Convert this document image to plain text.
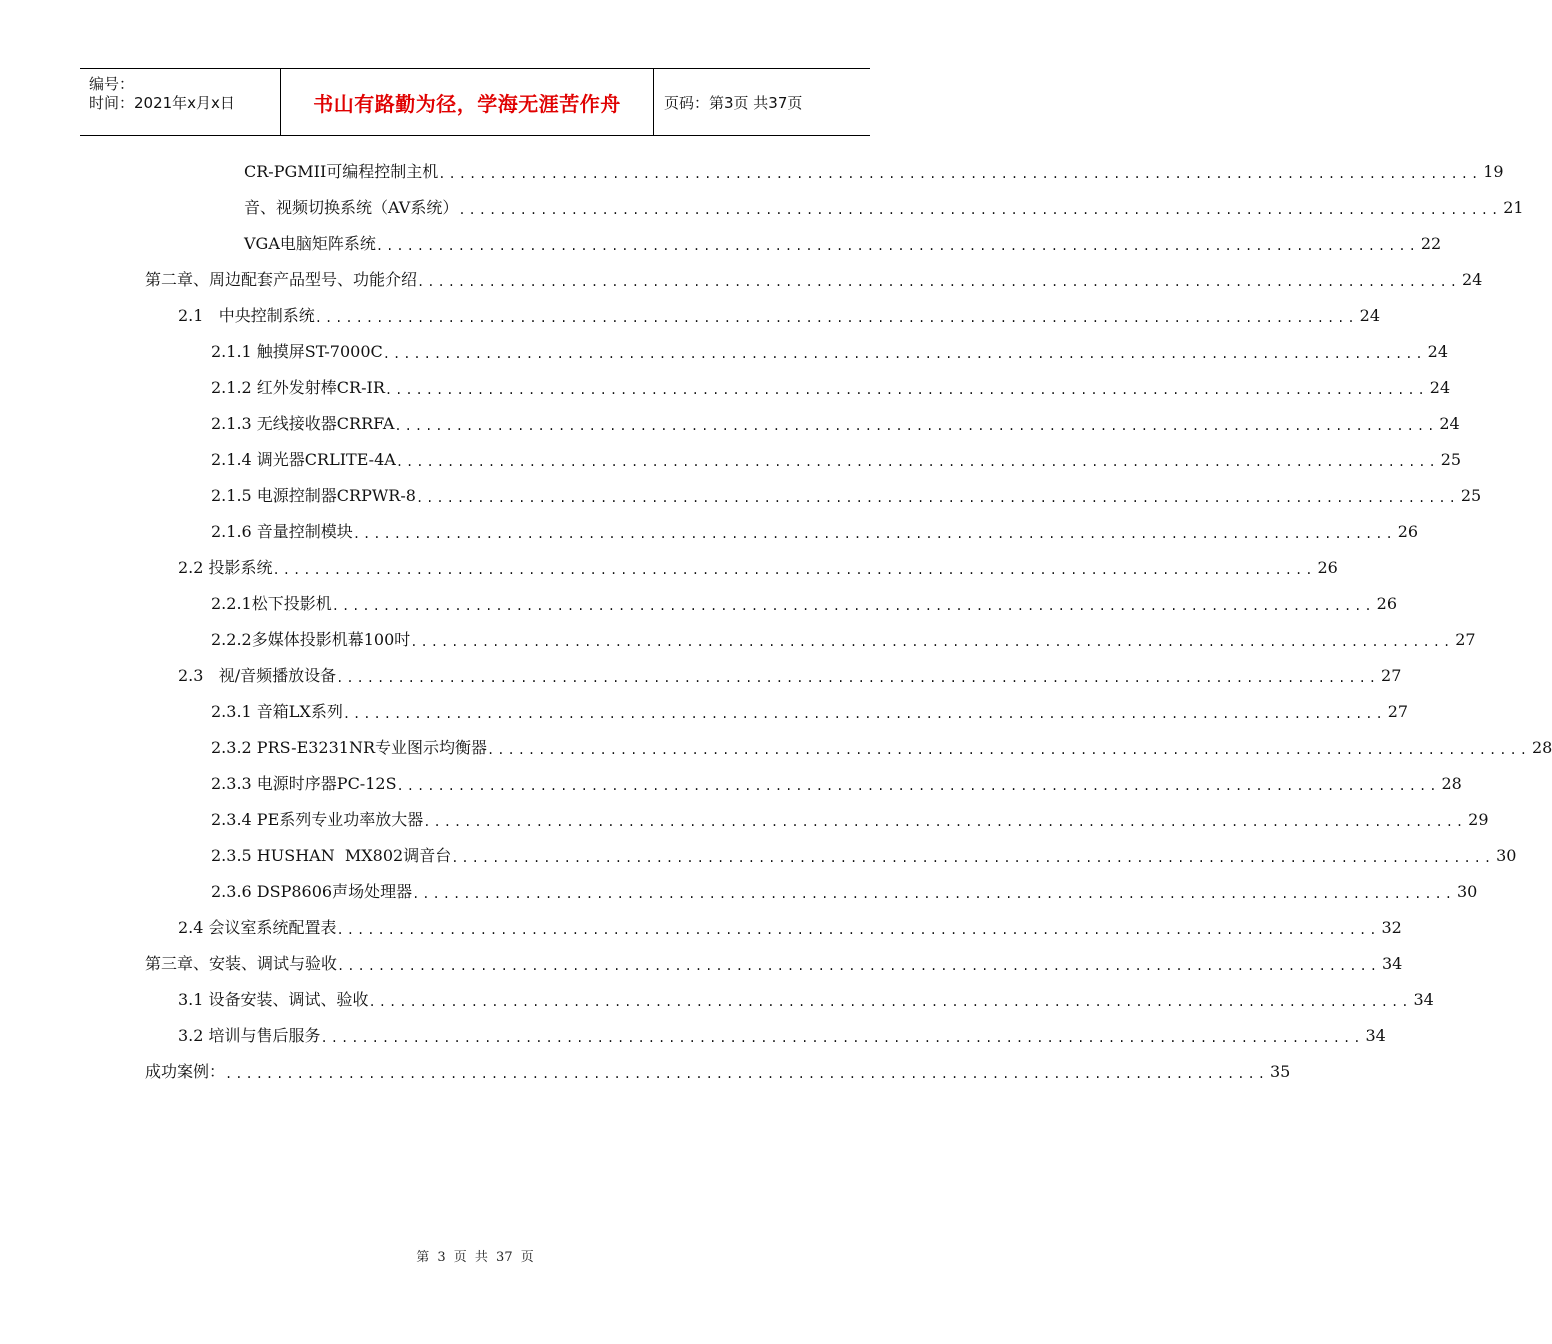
编号：
时间：2021年x月x日	书山有路勤为径，学海无涯苦作舟	页码：第3页 共37页
CR-PGMII可编程控制主机 ...................................................................................................... 19
音、视频切换系统（AV系统） ...................................................................................................... 21
VGA电脑矩阵系统 ...................................................................................................... 22
第二章、周边配套产品型号、功能介绍 ...................................................................................................... 24
2.1   中央控制系统 ...................................................................................................... 24
2.1.1 触摸屏ST-7000C ...................................................................................................... 24
2.1.2 红外发射棒CR-IR ...................................................................................................... 24
2.1.3 无线接收器CRRFA ...................................................................................................... 24
2.1.4 调光器CRLITE-4A ...................................................................................................... 25
2.1.5 电源控制器CRPWR-8 ...................................................................................................... 25
2.1.6 音量控制模块 ...................................................................................................... 26
2.2 投影系统 ...................................................................................................... 26
2.2.1松下投影机 ...................................................................................................... 26
2.2.2多媒体投影机幕100吋 ...................................................................................................... 27
2.3   视/音频播放设备 ...................................................................................................... 27
2.3.1 音箱LX系列 ...................................................................................................... 27
2.3.2 PRS-E3231NR专业图示均衡器 ...................................................................................................... 28
2.3.3 电源时序器PC-12S ...................................................................................................... 28
2.3.4 PE系列专业功率放大器 ...................................................................................................... 29
2.3.5 HUSHAN  MX802调音台 ...................................................................................................... 30
2.3.6 DSP8606声场处理器 ...................................................................................................... 30
2.4 会议室系统配置表 ...................................................................................................... 32
第三章、安装、调试与验收 ...................................................................................................... 34
3.1 设备安装、调试、验收 ...................................................................................................... 34
3.2 培训与售后服务 ...................................................................................................... 34
成功案例： ...................................................................................................... 35
第 3 页 共 37 页
